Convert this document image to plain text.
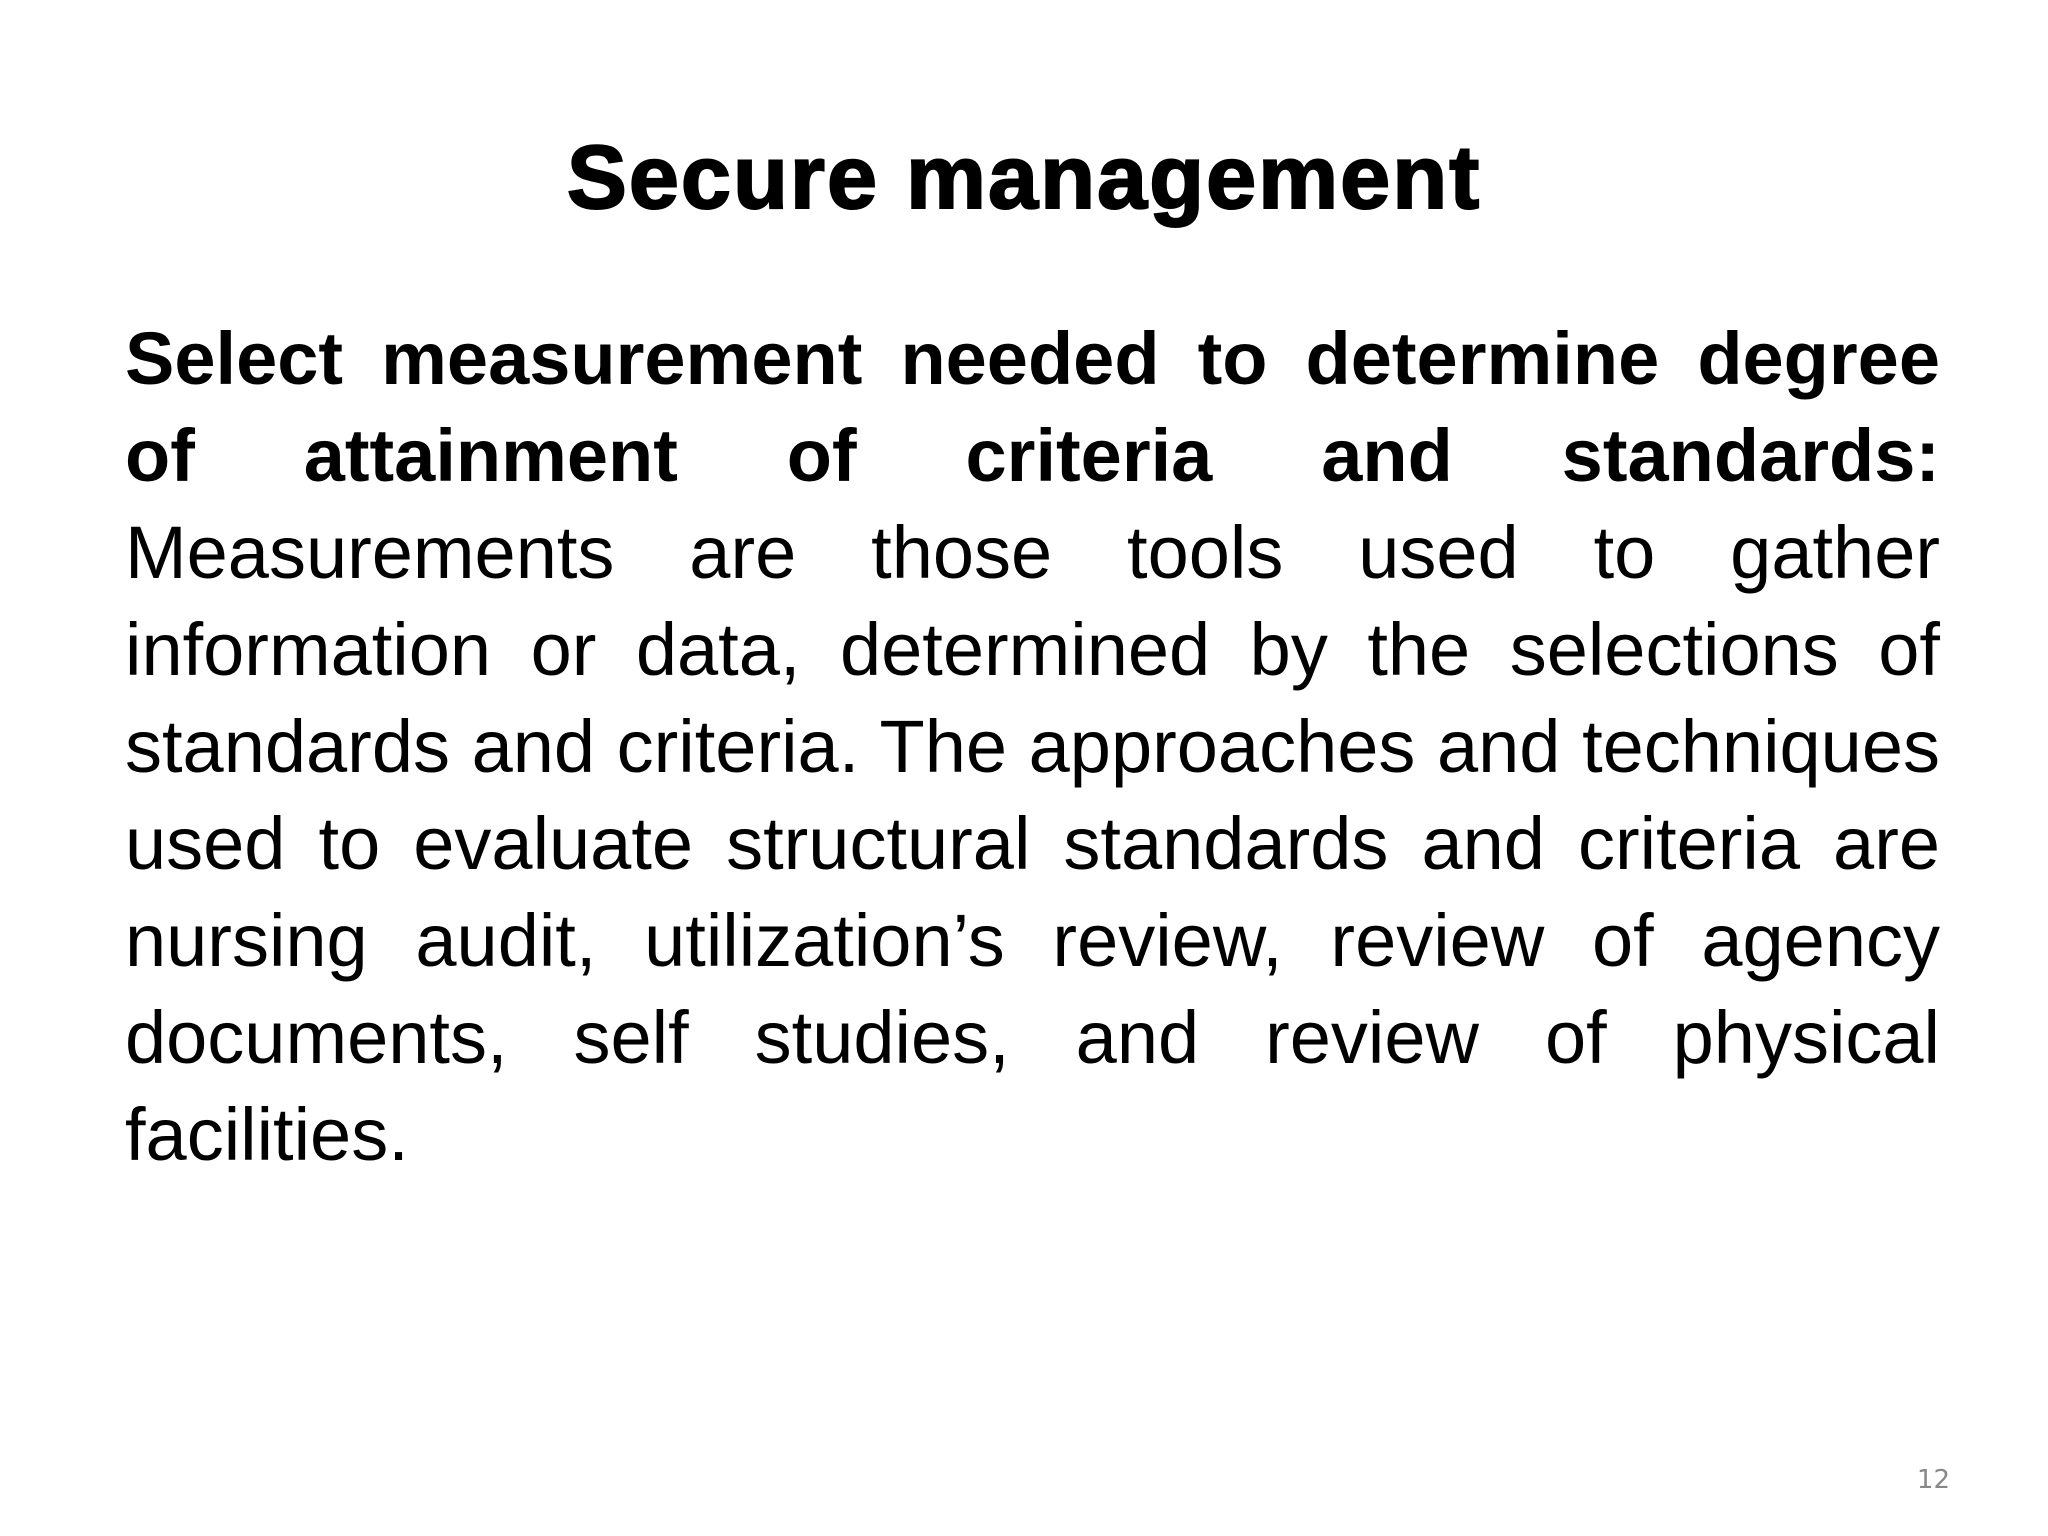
Secure management

Select measurement needed to determine degree of attainment of criteria and standards: Measurements are those tools used to gather information or data, determined by the selections of standards and criteria. The approaches and techniques used to evaluate structural standards and criteria are nursing audit, utilization’s review, review of agency documents, self studies, and review of physical facilities.

12
